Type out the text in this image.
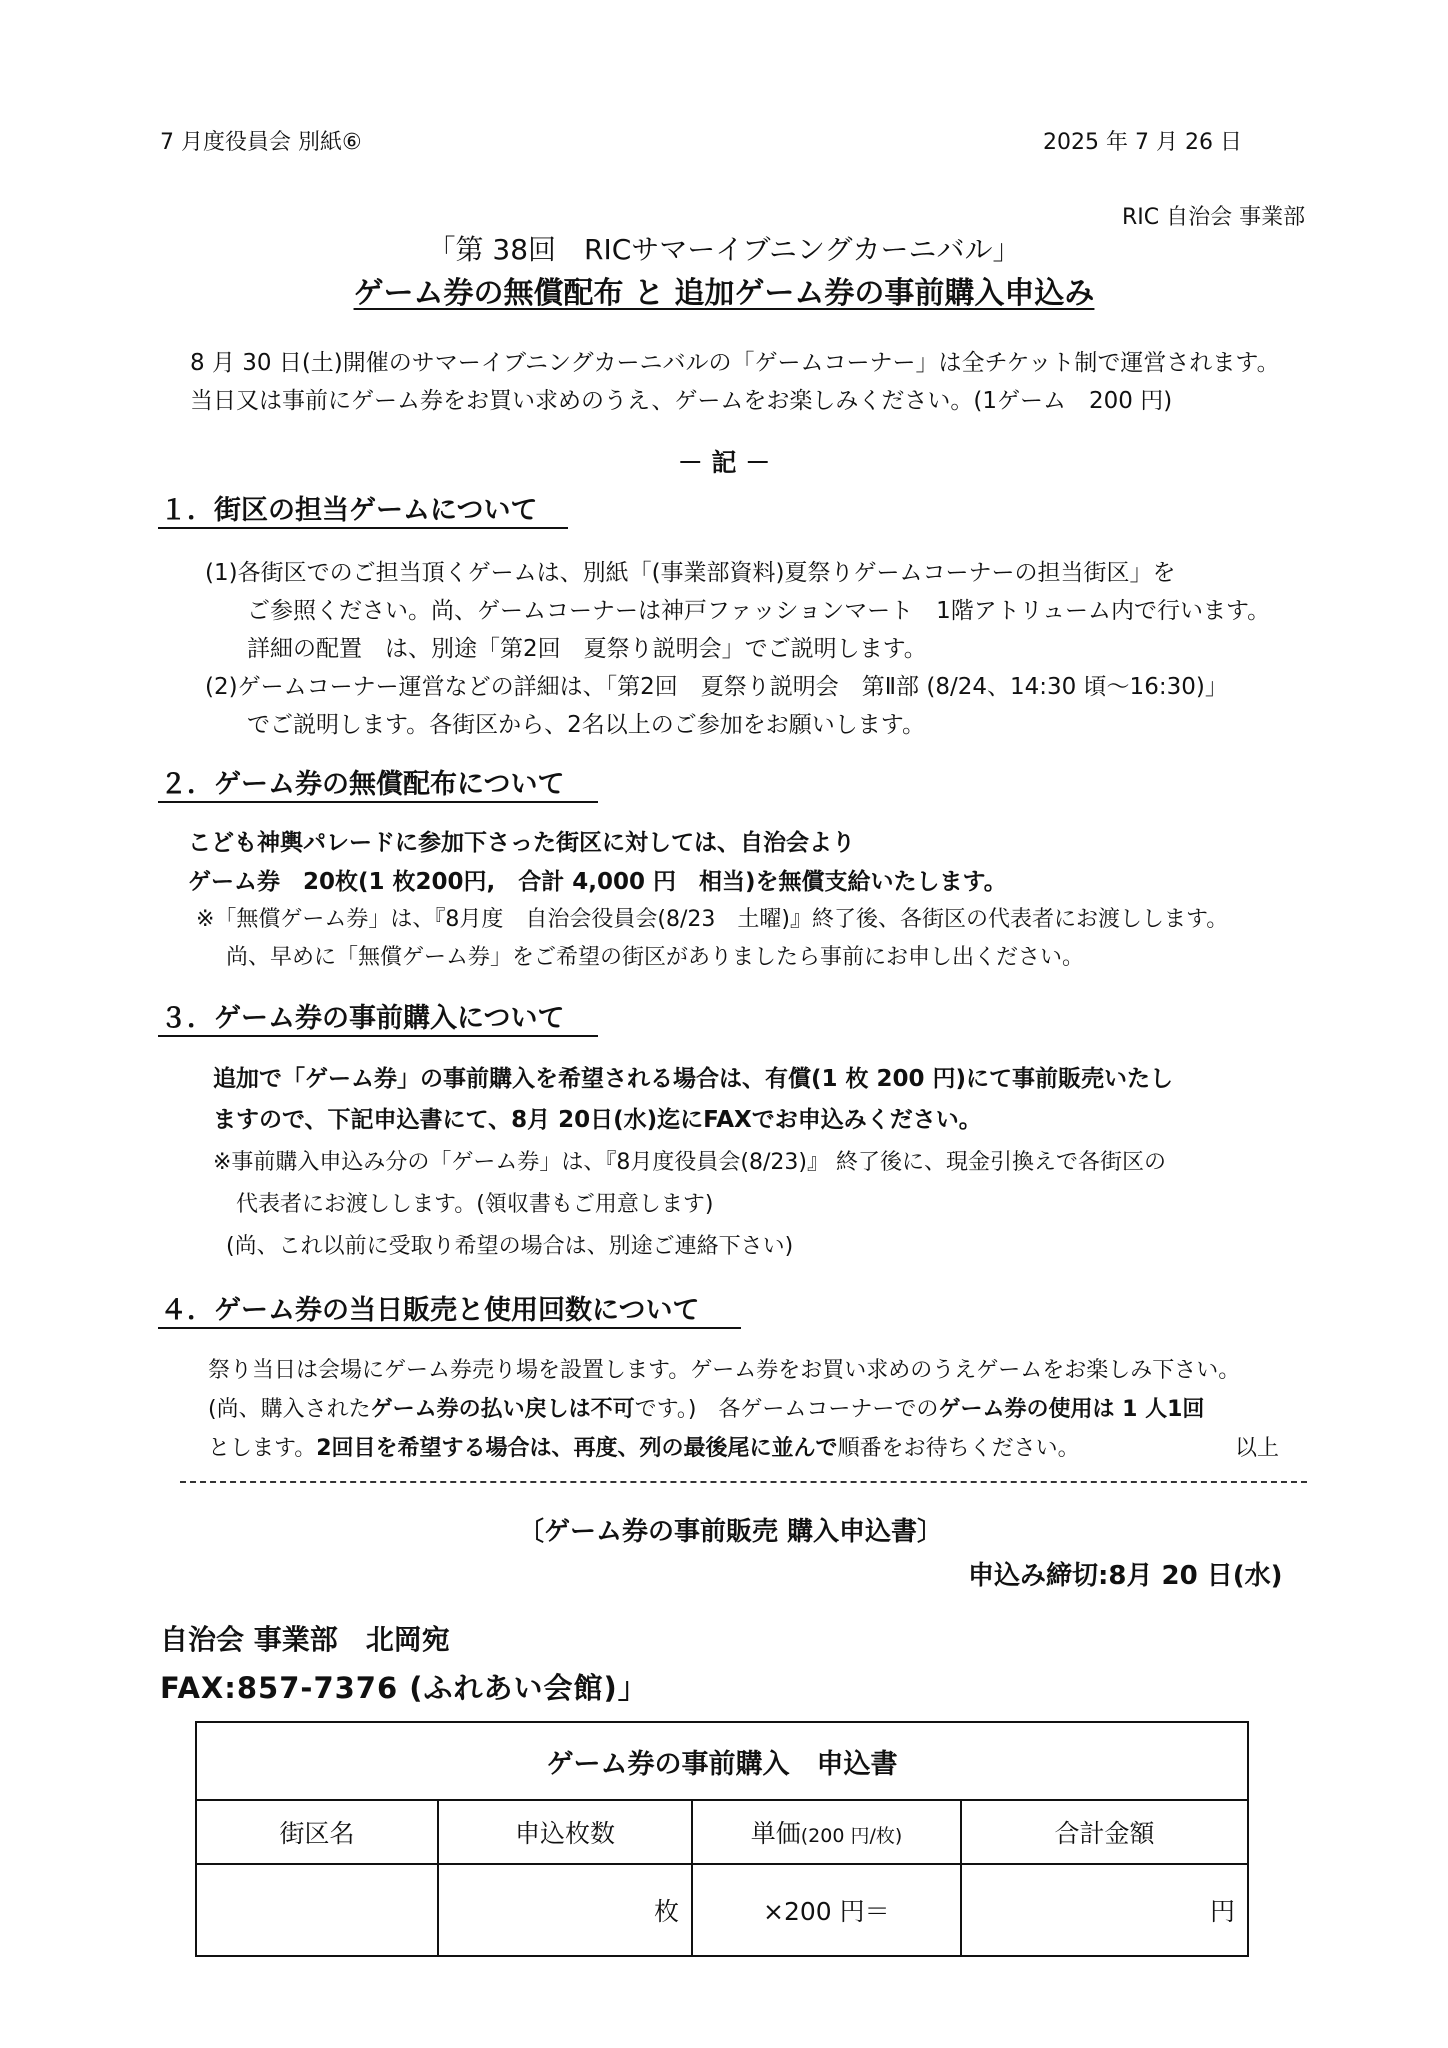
7 月度役員会 別紙⑥	2025 年 7 月 26 日
RIC 自治会 事業部
「第 38回　RICサマーイブニングカーニバル」
ゲーム券の無償配布 と 追加ゲーム券の事前購入申込み
8 月 30 日(土)開催のサマーイブニングカーニバルの「ゲームコーナー」は全チケット制で運営されます。
当日又は事前にゲーム券をお買い求めのうえ、ゲームをお楽しみください。(1ゲーム　200 円)
－ 記 －
１．街区の担当ゲームについて
(1)各街区でのご担当頂くゲームは、別紙「(事業部資料)夏祭りゲームコーナーの担当街区」を
ご参照ください。尚、ゲームコーナーは神戸ファッションマート　1階アトリューム内で行います。
詳細の配置　は、別途「第2回　夏祭り説明会」でご説明します。
(2)ゲームコーナー運営などの詳細は、「第2回　夏祭り説明会　第Ⅱ部 (8/24、14:30 頃～16:30)」
でご説明します。各街区から、2名以上のご参加をお願いします。
２．ゲーム券の無償配布について
こども神輿パレードに参加下さった街区に対しては、自治会より
ゲーム券　20枚(1 枚200円,　合計 4,000 円　相当)を無償支給いたします。
※「無償ゲーム券」は、『8月度　自治会役員会(8/23　土曜)』終了後、各街区の代表者にお渡しします。
尚、早めに「無償ゲーム券」をご希望の街区がありましたら事前にお申し出ください。
３．ゲーム券の事前購入について
追加で「ゲーム券」の事前購入を希望される場合は、有償(1 枚 200 円)にて事前販売いたし
ますので、下記申込書にて、8月 20日(水)迄にFAXでお申込みください。
※事前購入申込み分の「ゲーム券」は、『8月度役員会(8/23)』 終了後に、現金引換えで各街区の
代表者にお渡しします。(領収書もご用意します)
(尚、これ以前に受取り希望の場合は、別途ご連絡下さい)
４．ゲーム券の当日販売と使用回数について
祭り当日は会場にゲーム券売り場を設置します。ゲーム券をお買い求めのうえゲームをお楽しみ下さい。
(尚、購入されたゲーム券の払い戻しは不可です。)　各ゲームコーナーでのゲーム券の使用は 1 人1回
とします。2回目を希望する場合は、再度、列の最後尾に並んで順番をお待ちください。	以上
〔ゲーム券の事前販売 購入申込書〕
申込み締切:8月 20 日(水)
自治会 事業部　北岡宛
FAX:857-7376 (ふれあい会館)」
ゲーム券の事前購入　申込書			
街区名	申込枚数	単価(200 円/枚)	合計金額
	枚	×200 円＝	円
